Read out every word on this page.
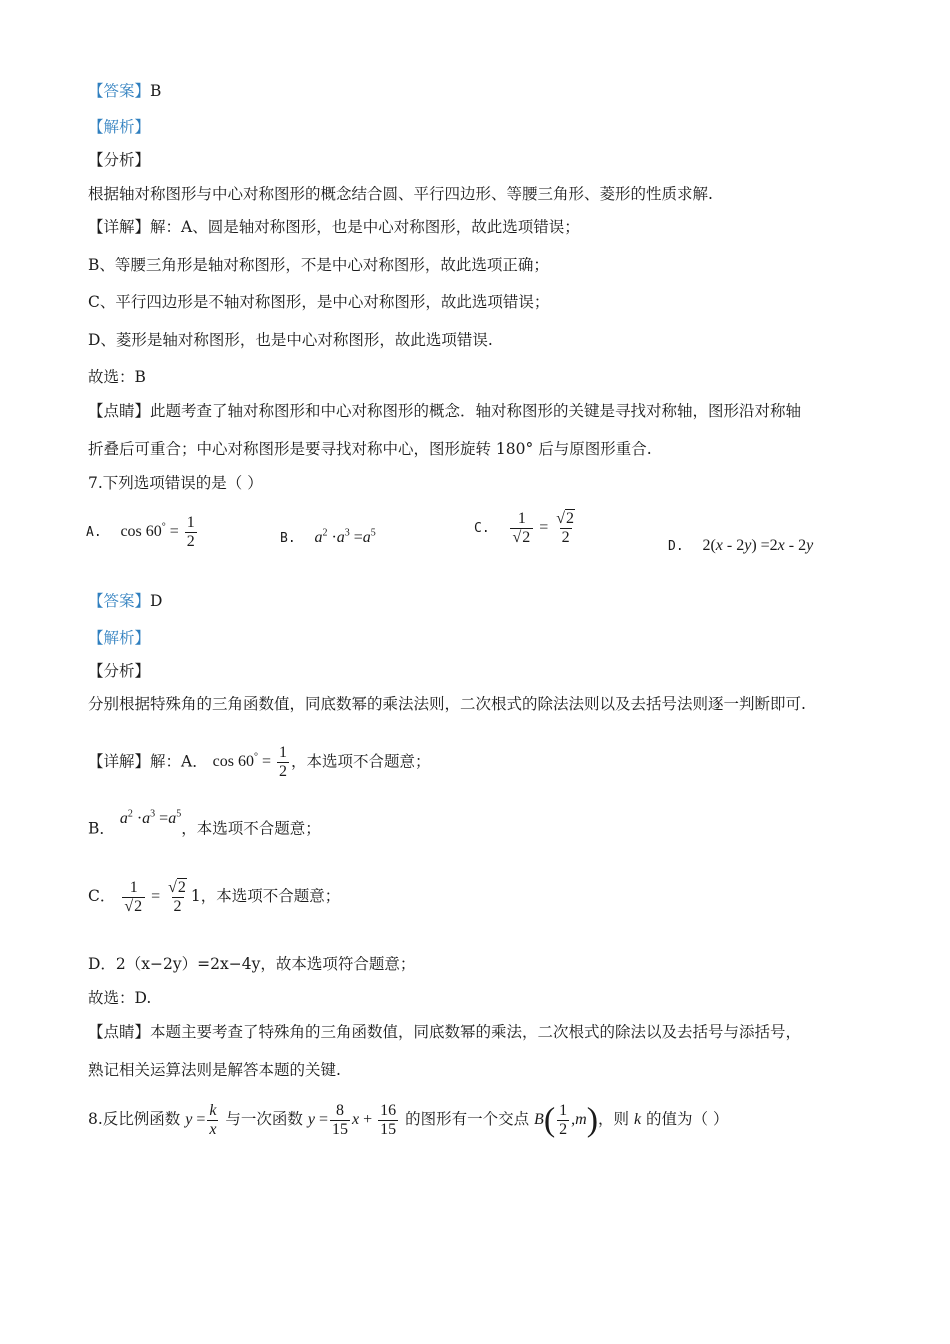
【答案】B
【解析】
【分析】
根据轴对称图形与中心对称图形的概念结合圆、平行四边形、等腰三角形、菱形的性质求解.
【详解】解：A、圆是轴对称图形，也是中心对称图形，故此选项错误；
B、等腰三角形是轴对称图形，不是中心对称图形，故此选项正确；
C、平行四边形是不轴对称图形，是中心对称图形，故此选项错误；
D、菱形是轴对称图形，也是中心对称图形，故此选项错误.
故选：B
【点睛】此题考查了轴对称图形和中心对称图形的概念．轴对称图形的关键是寻找对称轴，图形沿对称轴
折叠后可重合；中心对称图形是要寻找对称中心，图形旋转 180° 后与原图形重合.
7.下列选项错误的是（ ）
A. $\cos 60^\circ = \frac{1}{2}$	B. $a^2 \cdot a^3 =a^5$	C. $\frac{1}{√2} = \frac{√2}{2}$	D. 2(x - 2y) =2x - 2y
【答案】D
【解析】
【分析】
分别根据特殊角的三角函数值，同底数幂的乘法法则，二次根式的除法法则以及去括号法则逐一判断即可.
【详解】解：A． $\cos 60^\circ = \frac{1}{2}$ ，本选项不合题意；
B． $a^2 \cdot a^3 =a^5$，本选项不合题意；
C． $\frac{1}{√2} = \frac{√2}{2} 1$，本选项不合题意；
D．2（x−2y）=2x−4y，故本选项符合题意；
故选：D.
【点睛】本题主要考查了特殊角的三角函数值，同底数幂的乘法，二次根式的除法以及去括号与添括号，
熟记相关运算法则是解答本题的关键.
8.反比例函数 $y = \frac{k}{x}$ 与一次函数 $y = \frac{8}{15}$ $x + \frac{16}{15}$ 的图形有一个交点 $B( \frac{1}{2} ,m)$，则 k 的值为（ ）
